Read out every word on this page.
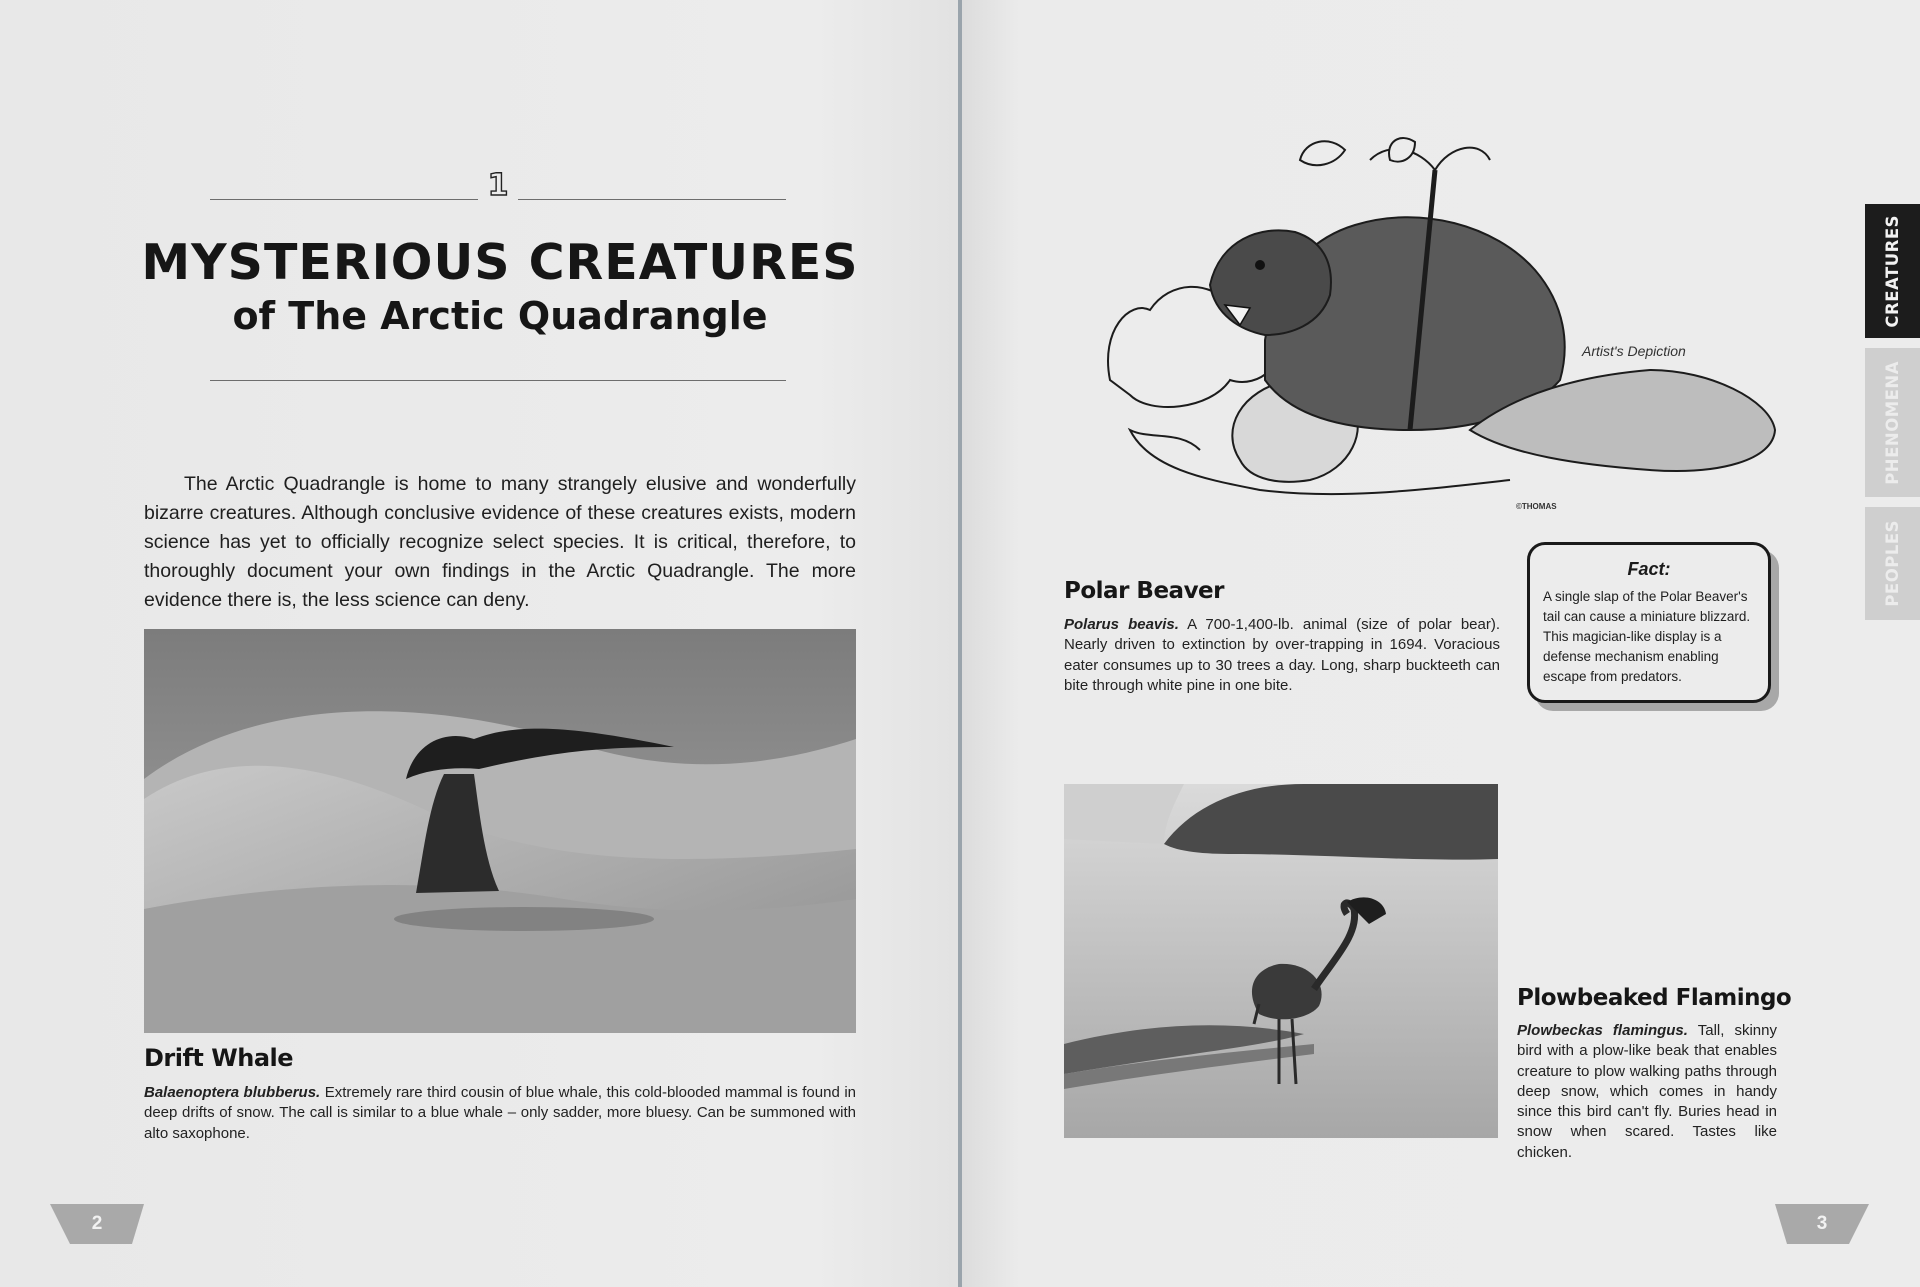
1
MYSTERIOUS CREATURES
of The Arctic Quadrangle

The Arctic Quadrangle is home to many strangely elusive and wonderfully bizarre creatures. Although conclusive evidence of these creatures exists, modern science has yet to officially recognize select species. It is critical, therefore, to thoroughly document your own findings in the Arctic Quadrangle. The more evidence there is, the less science can deny.

Drift Whale

Balaenoptera blubberus. Extremely rare third cousin of blue whale, this cold-blooded mammal is found in deep drifts of snow. The call is similar to a blue whale – only sadder, more bluesy. Can be summoned with alto saxophone.

Artist's Depiction
©THOMAS
Polar Beaver

Polarus beavis. A 700-1,400-lb. animal (size of polar bear). Nearly driven to extinction by over-trapping in 1694. Voracious eater consumes up to 30 trees a day. Long, sharp buckteeth can bite through white pine in one bite.

Fact:

A single slap of the Polar Beaver's tail can cause a miniature blizzard. This magician-like display is a defense mechanism enabling escape from predators.

Plowbeaked Flamingo

Plowbeckas flamingus. Tall, skinny bird with a plow-like beak that enables creature to plow walking paths through deep snow, which comes in handy since this bird can't fly. Buries head in snow when scared. Tastes like chicken.

CREATURES
PHENOMENA
PEOPLES
2	3
